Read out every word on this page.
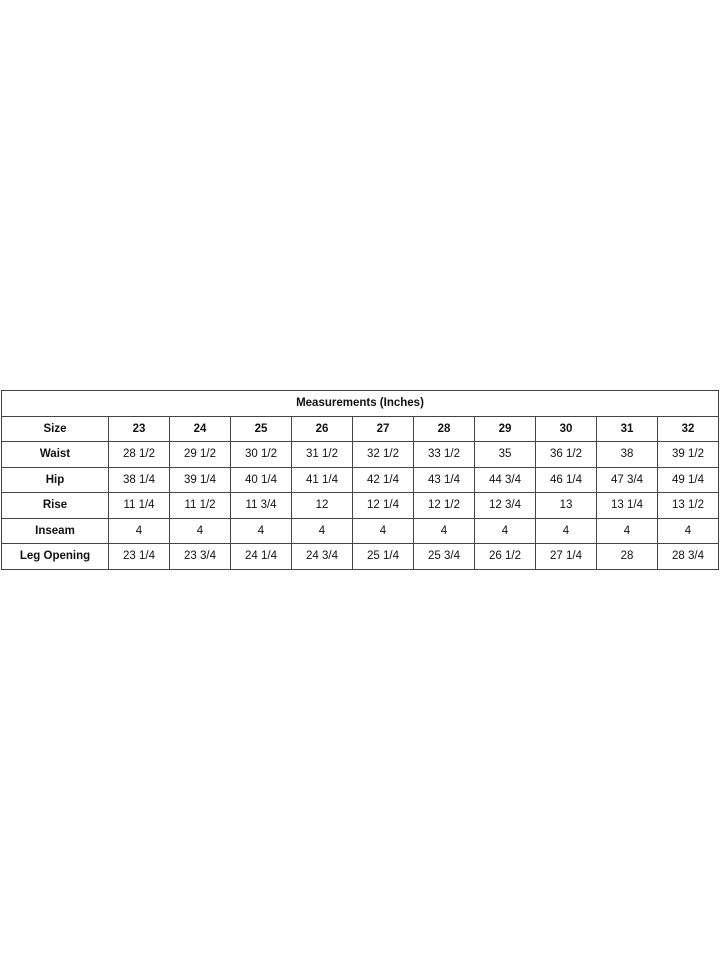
Measurements (Inches)										
Size	23	24	25	26	27	28	29	30	31	32
Waist	28 1/2	29 1/2	30 1/2	31 1/2	32 1/2	33 1/2	35	36 1/2	38	39 1/2
Hip	38 1/4	39 1/4	40 1/4	41 1/4	42 1/4	43 1/4	44 3/4	46 1/4	47 3/4	49 1/4
Rise	11 1/4	11 1/2	11 3/4	12	12 1/4	12 1/2	12 3/4	13	13 1/4	13 1/2
Inseam	4	4	4	4	4	4	4	4	4	4
Leg Opening	23 1/4	23 3/4	24 1/4	24 3/4	25 1/4	25 3/4	26 1/2	27 1/4	28	28 3/4
